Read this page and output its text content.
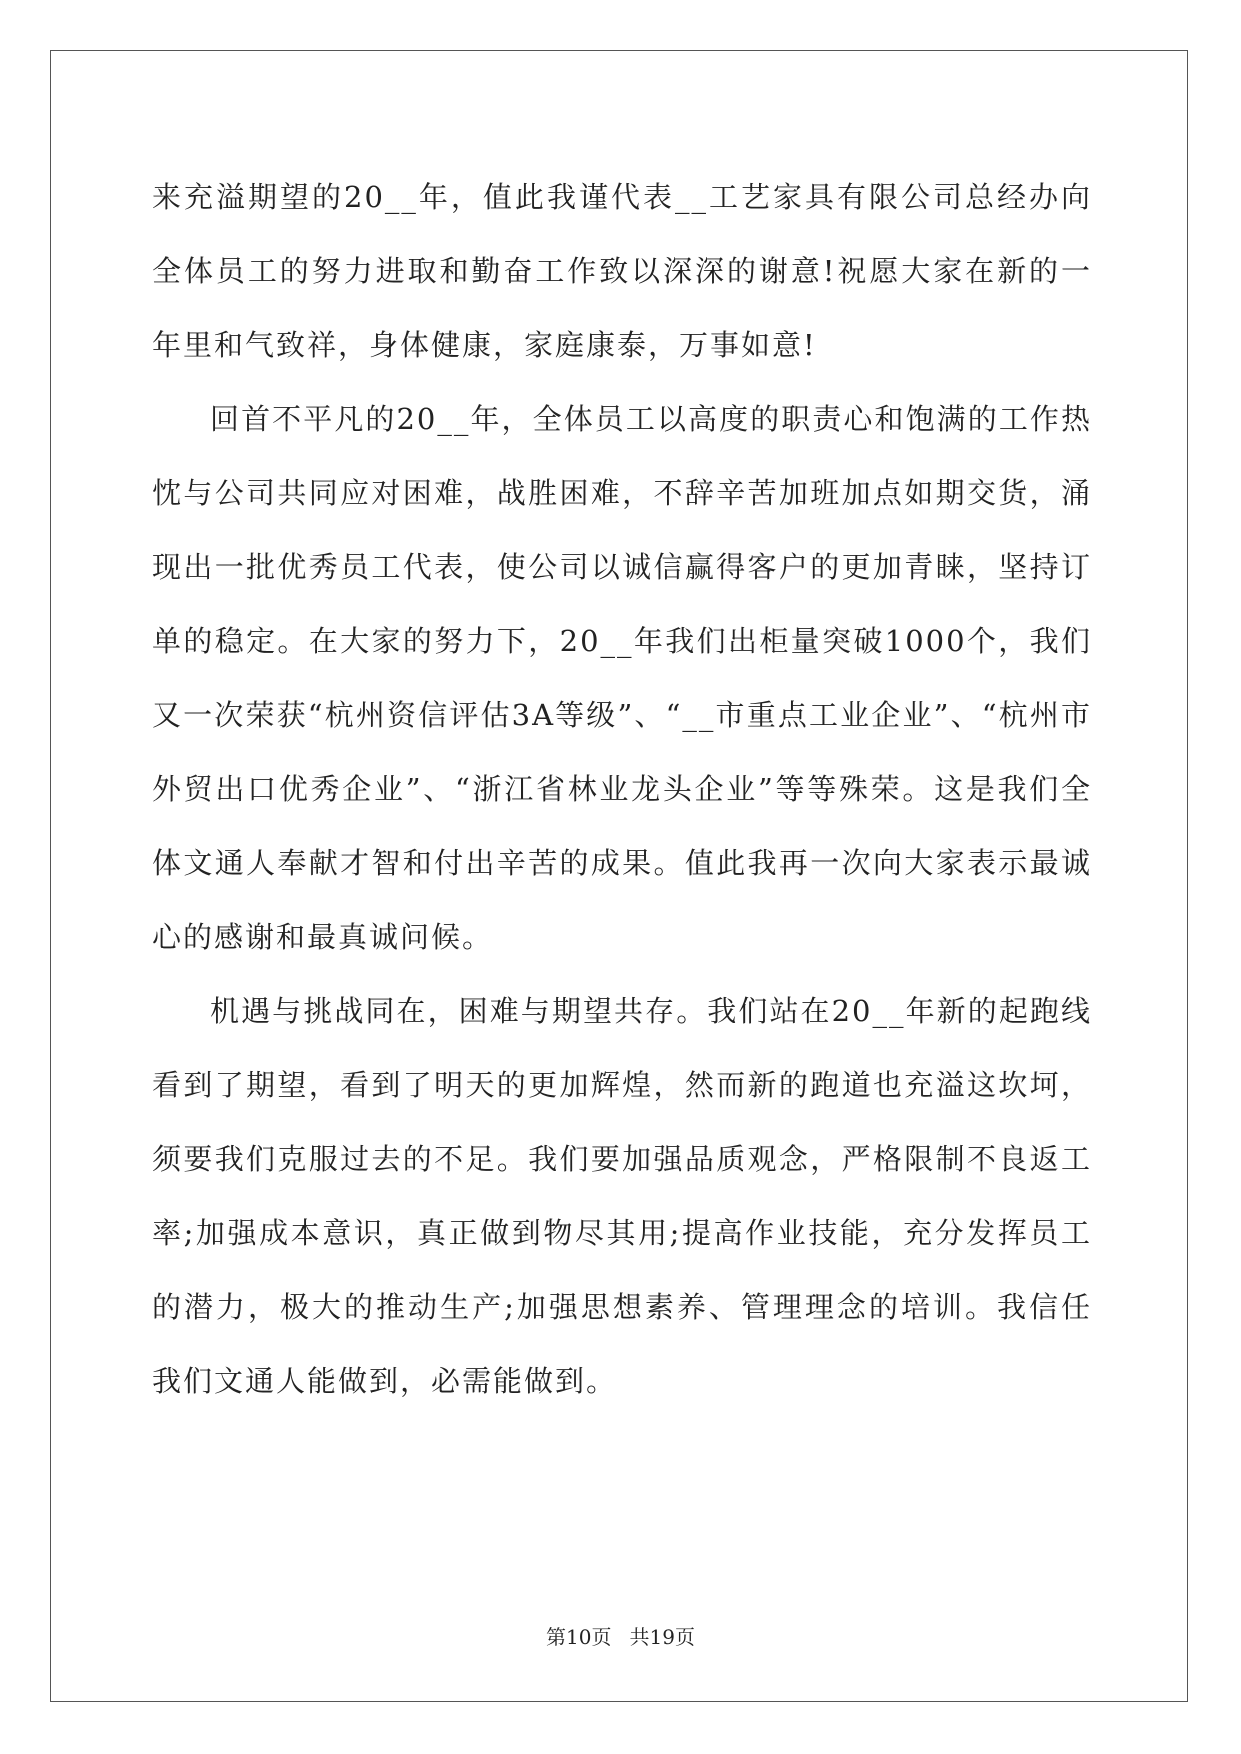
来充溢期望的20__年，值此我谨代表__工艺家具有限公司总经办向全体员工的努力进取和勤奋工作致以深深的谢意!祝愿大家在新的一年里和气致祥，身体健康，家庭康泰，万事如意!

回首不平凡的20__年，全体员工以高度的职责心和饱满的工作热忱与公司共同应对困难，战胜困难，不辞辛苦加班加点如期交货，涌现出一批优秀员工代表，使公司以诚信赢得客户的更加青睐，坚持订单的稳定。在大家的努力下，20__年我们出柜量突破1000个，我们又一次荣获“杭州资信评估3A等级”、“__市重点工业企业”、“杭州市外贸出口优秀企业”、“浙江省林业龙头企业”等等殊荣。这是我们全体文通人奉献才智和付出辛苦的成果。值此我再一次向大家表示最诚心的感谢和最真诚问候。

机遇与挑战同在，困难与期望共存。我们站在20__年新的起跑线看到了期望，看到了明天的更加辉煌，然而新的跑道也充溢这坎坷，须要我们克服过去的不足。我们要加强品质观念，严格限制不良返工率;加强成本意识，真正做到物尽其用;提高作业技能，充分发挥员工的潜力，极大的推动生产;加强思想素养、管理理念的培训。我信任我们文通人能做到，必需能做到。

第10页 共19页
